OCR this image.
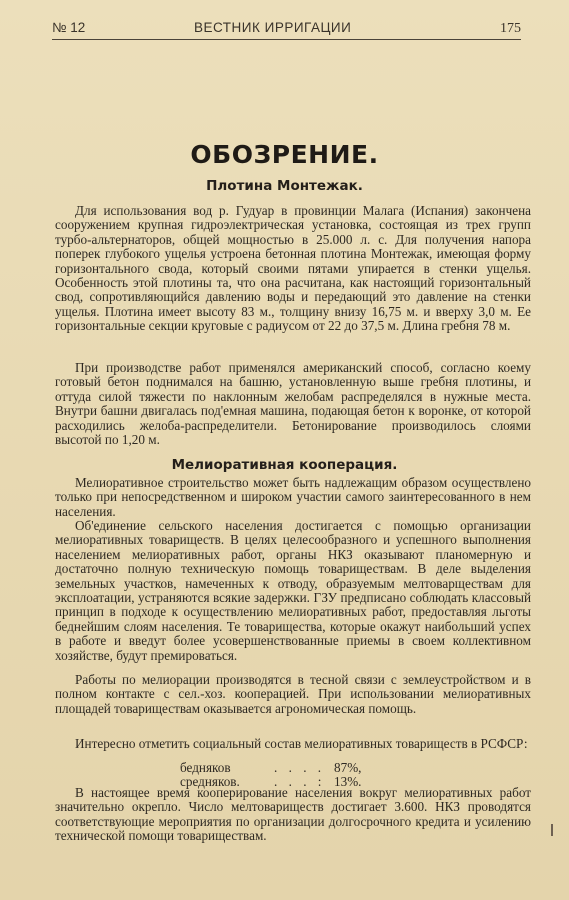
№ 12	ВЕСТНИК ИРРИГАЦИИ	175
ОБОЗРЕНИЕ.
Плотина Монтежак.

Для использования вод р. Гудуар в провинции Малага (Испания) закончена сооружением крупная гидроэлектрическая установка, состоящая из трех групп турбо-альтернаторов, общей мощностью в 25.000 л. с. Для получения напора поперек глубокого ущелья устроена бетонная плотина Монтежак, имеющая форму горизонтального свода, который своими пятами упирается в стенки ущелья. Особенность этой плотины та, что она расчитана, как настоящий горизонтальный свод, сопротивляющийся давлению воды и передающий это давление на стенки ущелья. Плотина имеет высоту 83 м., толщину внизу 16,75 м. и вверху 3,0 м. Ее горизонтальные секции круговые с радиусом от 22 до 37,5 м. Длина гребня 78 м.

При производстве работ применялся американский способ, согласно коему готовый бетон поднимался на башню, установленную выше гребня плотины, и оттуда силой тяжести по наклонным желобам распределялся в нужные места. Внутри башни двигалась под'емная машина, подающая бетон к воронке, от которой расходились желоба-распределители. Бетонирование производилось слоями высотой по 1,20 м.

Мелиоративная кооперация.

Мелиоративное строительство может быть надлежащим образом осуществлено только при непосредственном и широком участии самого заинтересованного в нем населения.

Об'единение сельского населения достигается с помощью организации мелиоративных товариществ. В целях целесообразного и успешного выполнения населением мелиоративных работ, органы НКЗ оказывают планомерную и достаточно полную техническую помощь товариществам. В деле выделения земельных участков, намеченных к отводу, образуемым мелтоварществам для эксплоатации, устраняются всякие задержки. ГЗУ предписано соблюдать классовый принцип в подходе к осуществлению мелиоративных работ, предоставляя льготы беднейшим слоям населения. Те товарищества, которые окажут наибольший успех в работе и введут более усовершенствованные приемы в своем коллективном хозяйстве, будут премироваться.

Работы по мелиорации производятся в тесной связи с землеустройством и в полном контакте с сел.-хоз. кооперацией. При использовании мелиоративных площадей товариществам оказывается агрономическая помощь.

Интересно отметить социальный состав мелиоративных товариществ в РСФСР:

бедняков	. . . . 87%,
средняков.	. . . : 13%.

В настоящее время кооперирование населения вокруг мелиоративных работ значительно окрепло. Число мелтовариществ достигает 3.600. НКЗ проводятся соответствующие мероприятия по организации долгосрочного кредита и усилению технической помощи товариществам.
